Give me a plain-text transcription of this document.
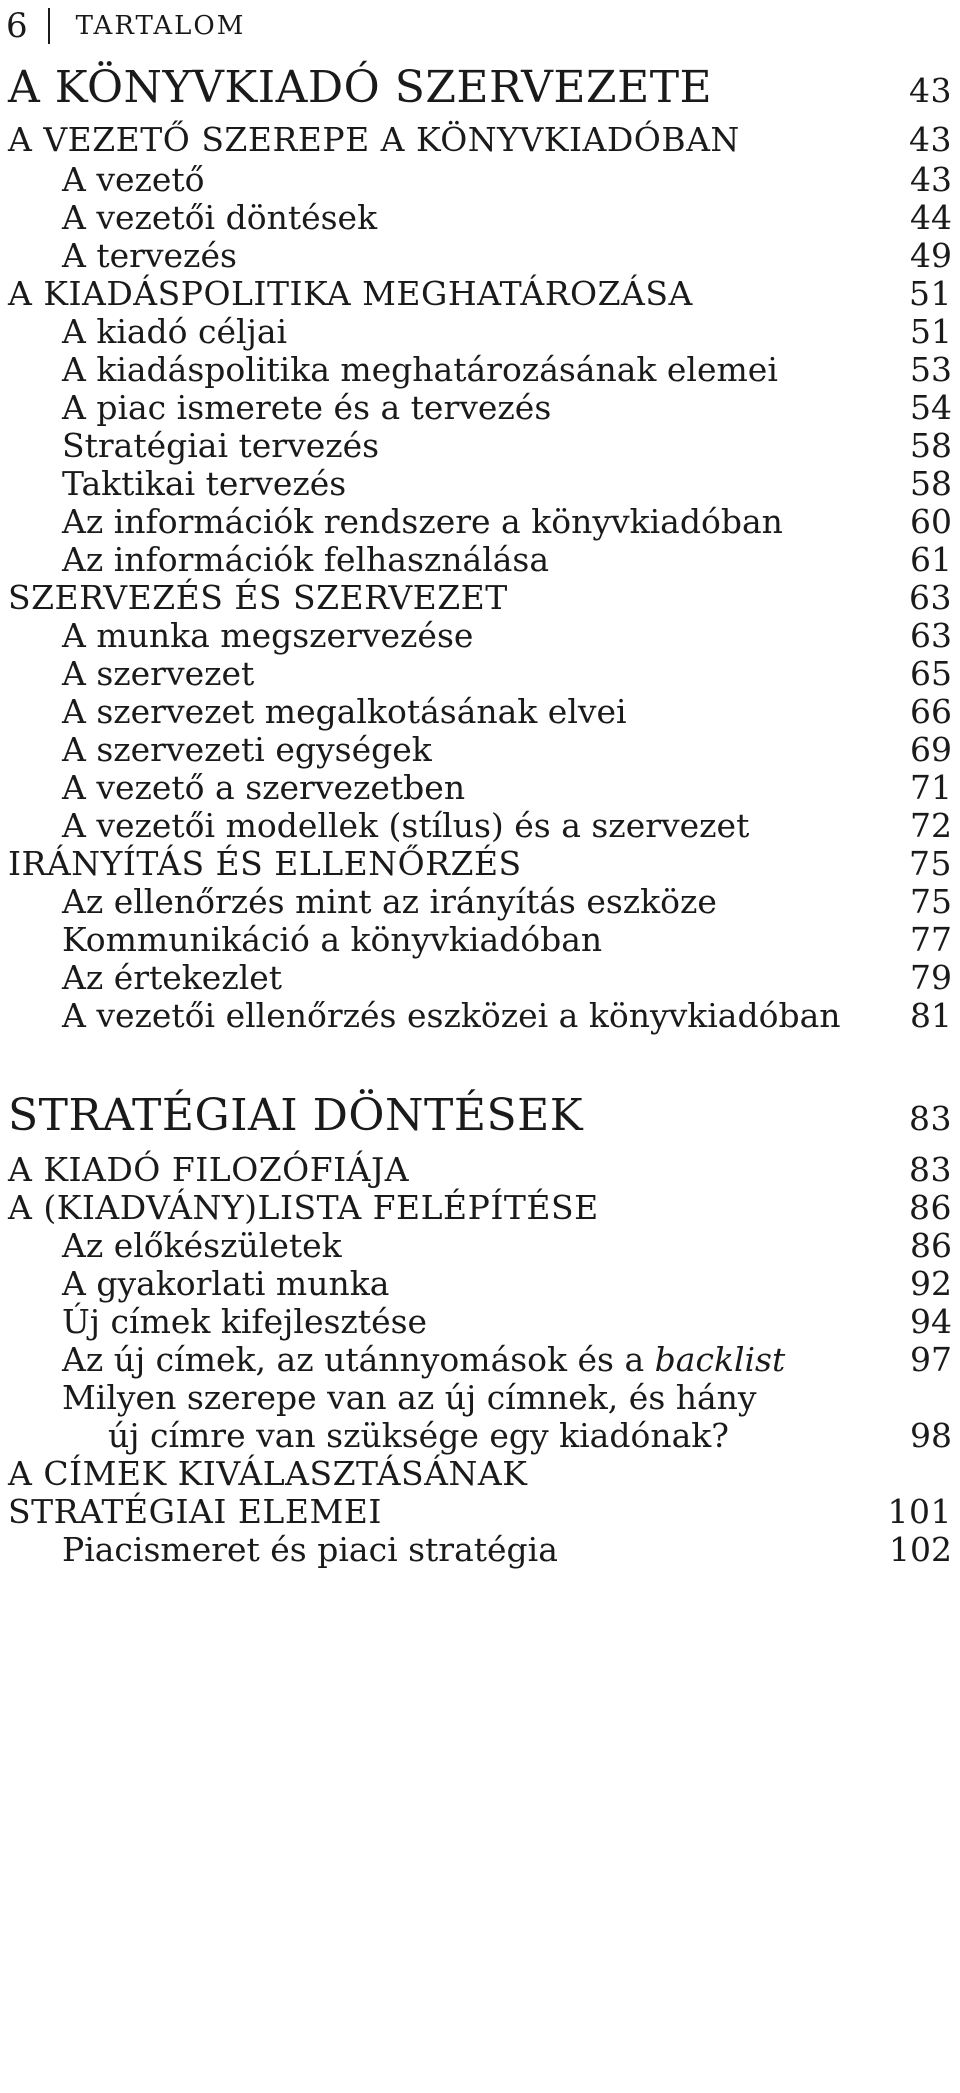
6 TARTALOM
A KÖNYVKIADÓ SZERVEZETE	43
A VEZETŐ SZEREPE A KÖNYVKIADÓBAN	43
A vezető	43
A vezetői döntések	44
A tervezés	49
A KIADÁSPOLITIKA MEGHATÁROZÁSA	51
A kiadó céljai	51
A kiadáspolitika meghatározásának elemei	53
A piac ismerete és a tervezés	54
Stratégiai tervezés	58
Taktikai tervezés	58
Az információk rendszere a könyvkiadóban	60
Az információk felhasználása	61
SZERVEZÉS ÉS SZERVEZET	63
A munka megszervezése	63
A szervezet	65
A szervezet megalkotásának elvei	66
A szervezeti egységek	69
A vezető a szervezetben	71
A vezetői modellek (stílus) és a szervezet	72
IRÁNYÍTÁS ÉS ELLENŐRZÉS	75
Az ellenőrzés mint az irányítás eszköze	75
Kommunikáció a könyvkiadóban	77
Az értekezlet	79
A vezetői ellenőrzés eszközei a könyvkiadóban 81
STRATÉGIAI DÖNTÉSEK	83
A KIADÓ FILOZÓFIÁJA	83
A (KIADVÁNY)LISTA FELÉPÍTÉSE	86
Az előkészületek	86
A gyakorlati munka	92
Új címek kifejlesztése	94
Az új címek, az utánnyomások és a backlist	97
Milyen szerepe van az új címnek, és hány
új címre van szüksége egy kiadónak?	98
A CÍMEK KIVÁLASZTÁSÁNAK
STRATÉGIAI ELEMEI	101
Piacismeret és piaci stratégia	102
